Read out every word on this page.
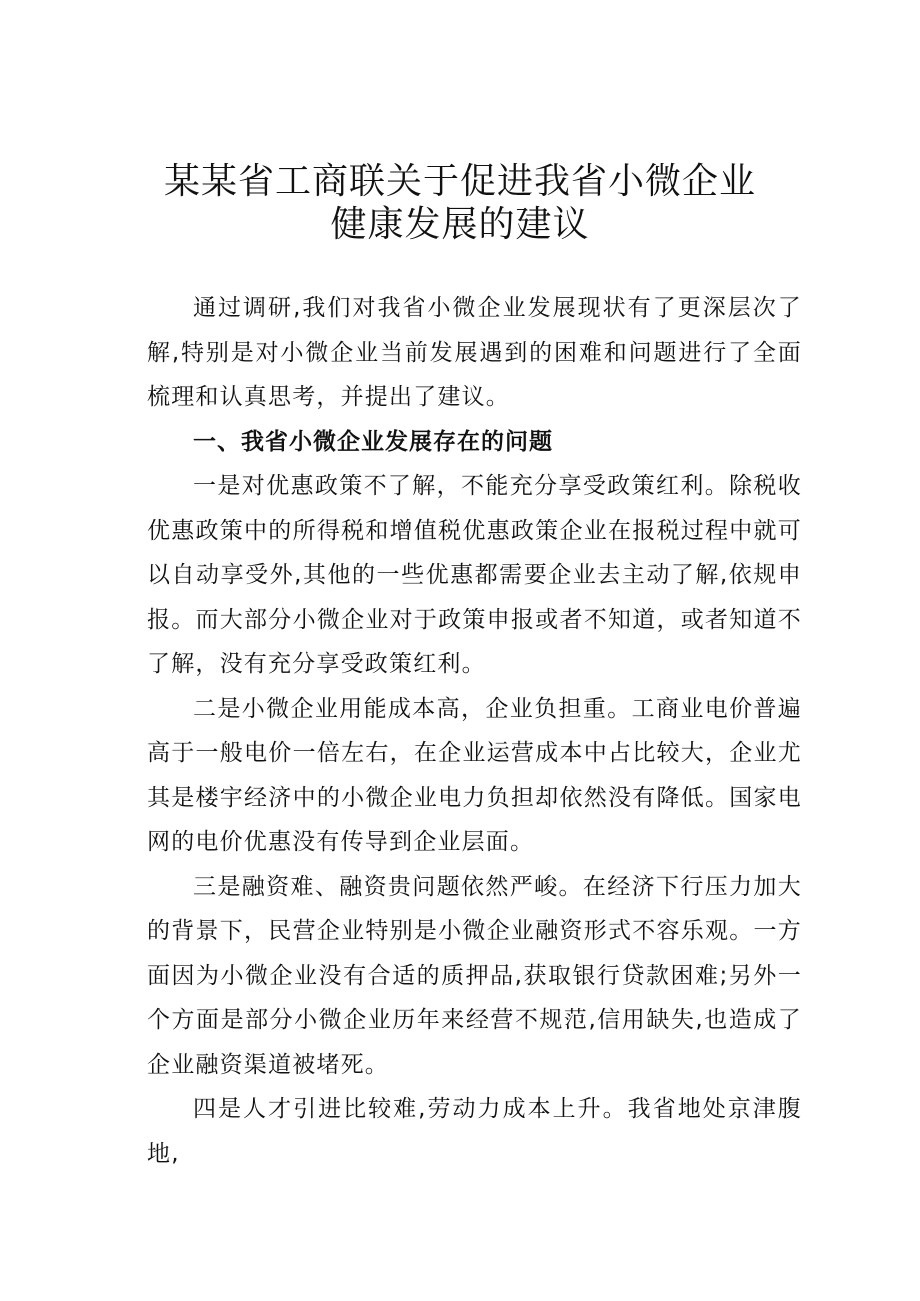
某某省工商联关于促进我省小微企业
健康发展的建议

通过调研,我们对我省小微企业发展现状有了更深层次了解,特别是对小微企业当前发展遇到的困难和问题进行了全面梳理和认真思考，并提出了建议。

一、我省小微企业发展存在的问题

一是对优惠政策不了解，不能充分享受政策红利。除税收优惠政策中的所得税和增值税优惠政策企业在报税过程中就可以自动享受外,其他的一些优惠都需要企业去主动了解,依规申报。而大部分小微企业对于政策申报或者不知道，或者知道不了解，没有充分享受政策红利。

二是小微企业用能成本高，企业负担重。工商业电价普遍高于一般电价一倍左右，在企业运营成本中占比较大，企业尤其是楼宇经济中的小微企业电力负担却依然没有降低。国家电网的电价优惠没有传导到企业层面。

三是融资难、融资贵问题依然严峻。在经济下行压力加大的背景下，民营企业特别是小微企业融资形式不容乐观。一方面因为小微企业没有合适的质押品,获取银行贷款困难;另外一个方面是部分小微企业历年来经营不规范,信用缺失,也造成了企业融资渠道被堵死。

四是人才引进比较难,劳动力成本上升。我省地处京津腹地,
